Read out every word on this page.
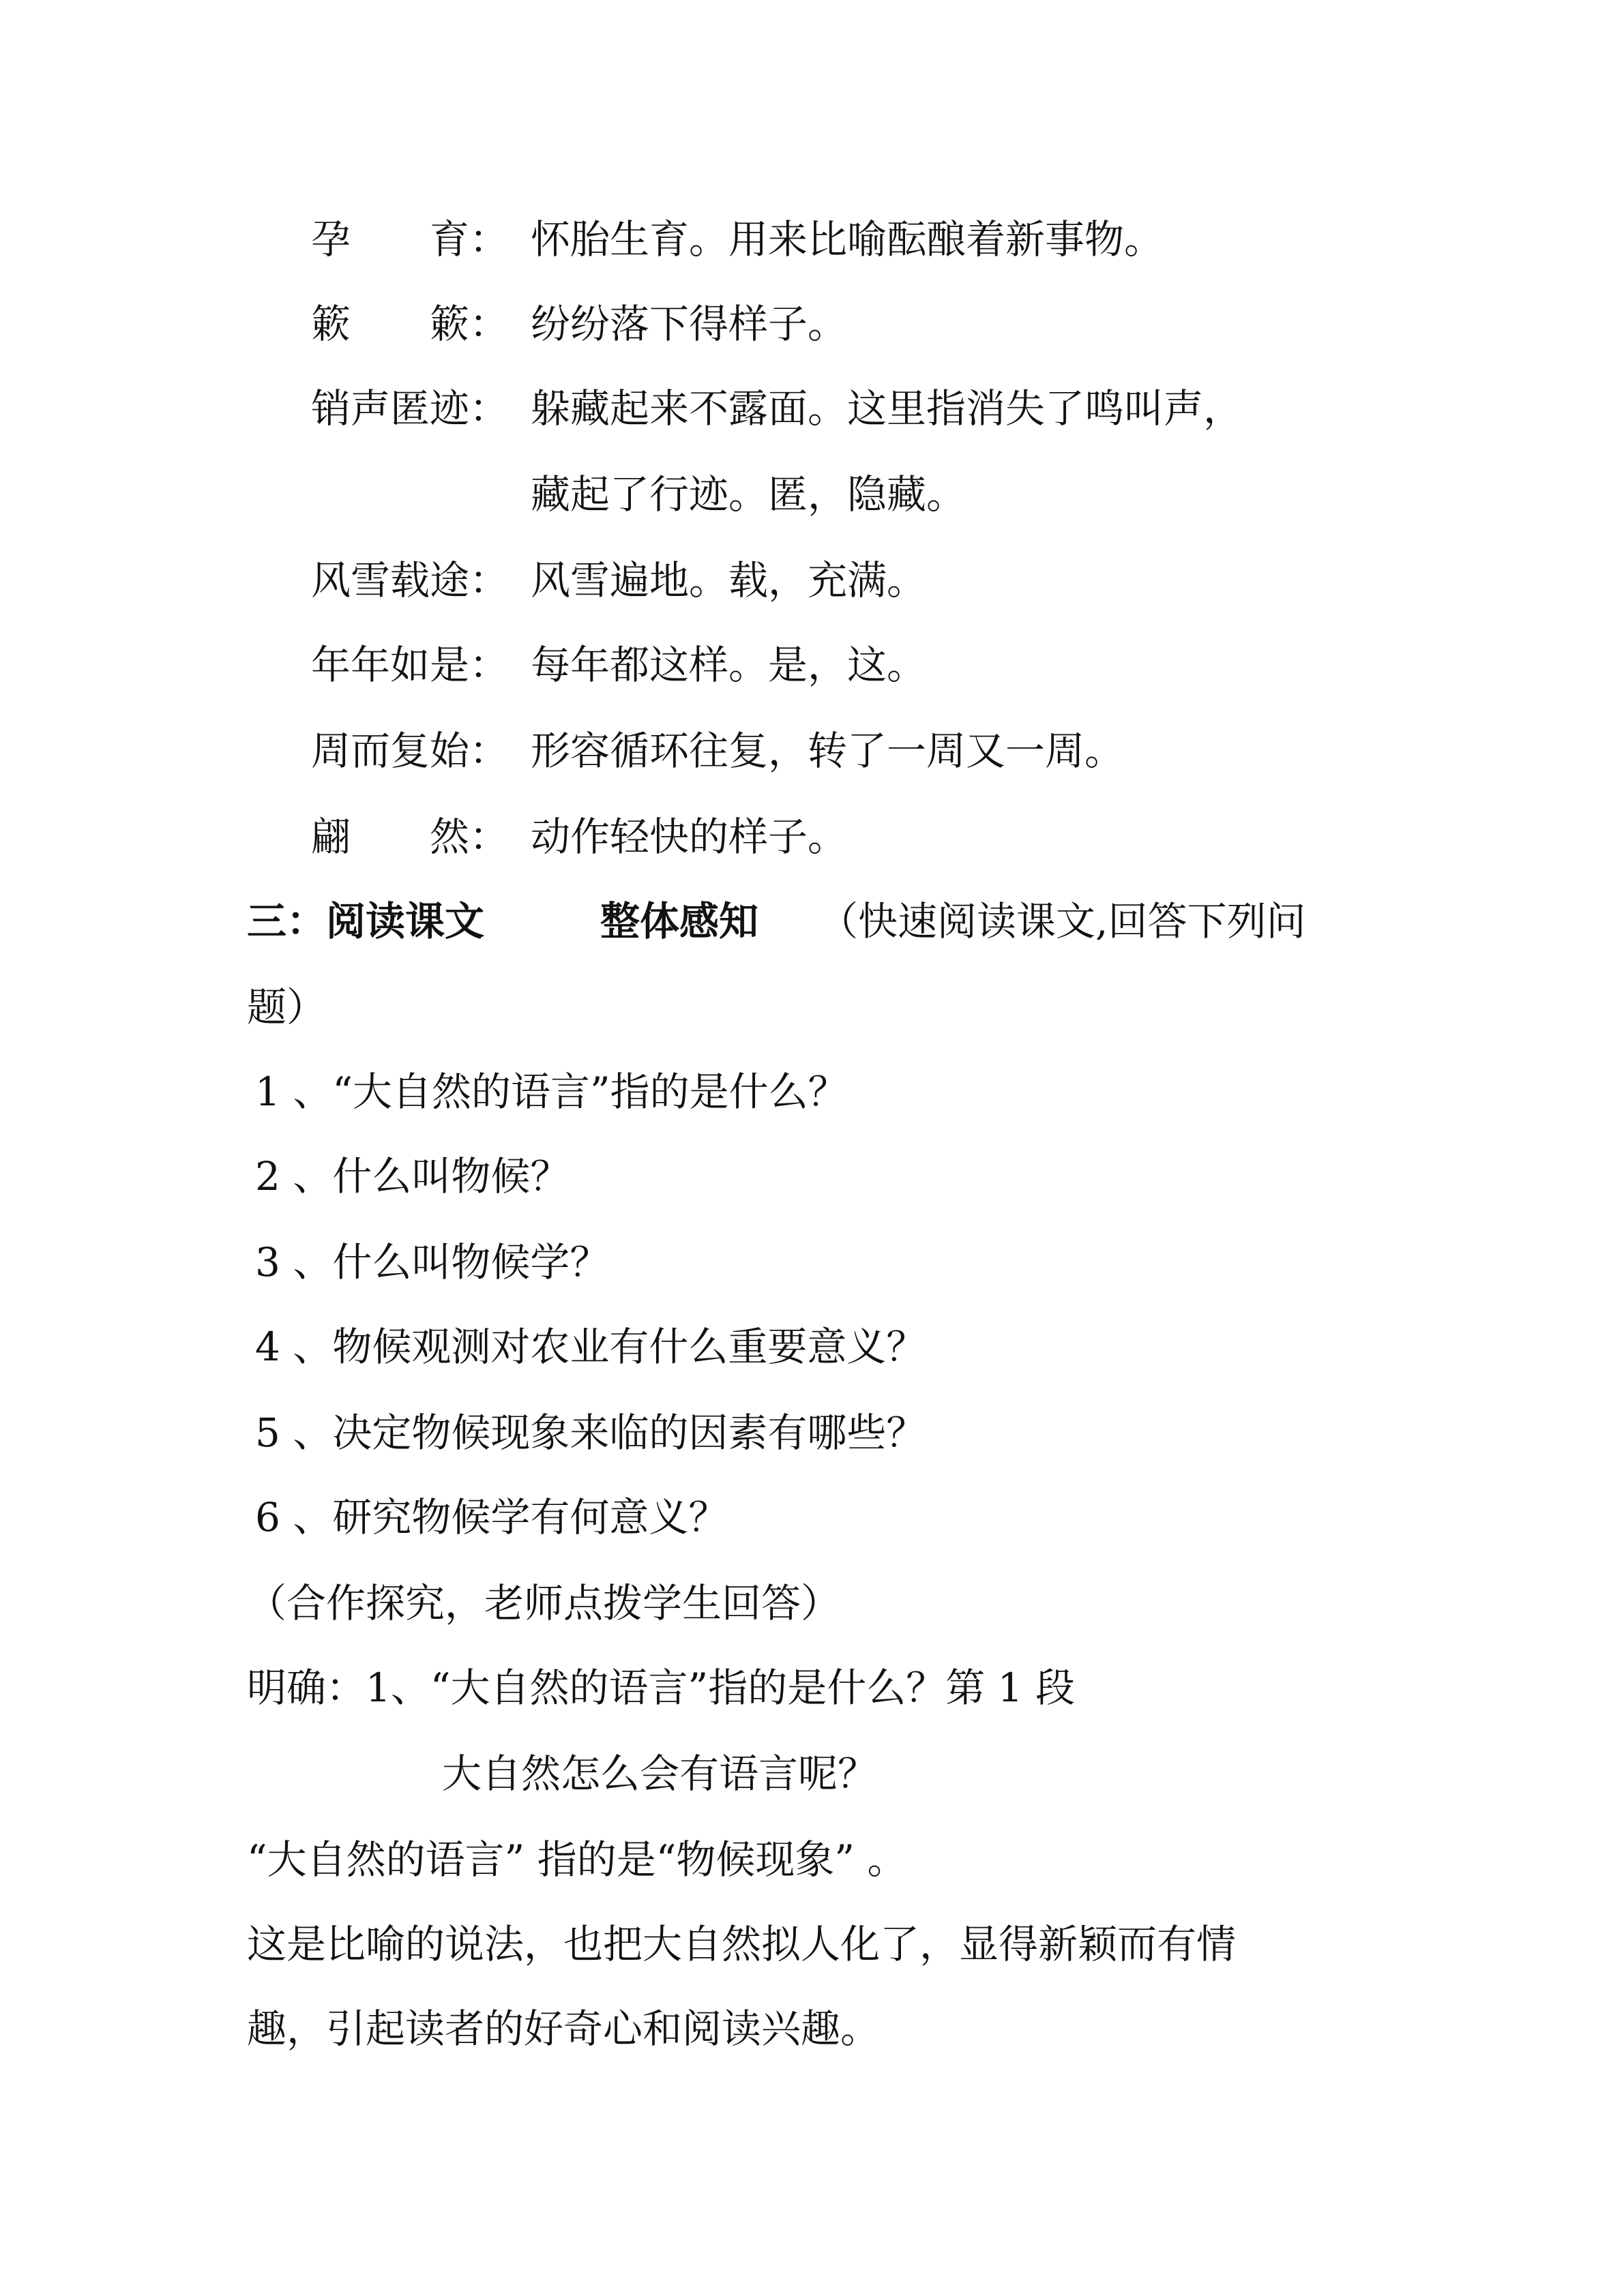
孕　　育： 怀胎生育。用来比喻酝酿着新事物。
簌　　簌： 纷纷落下得样子。
销声匿迹： 躲藏起来不露面。这里指消失了鸣叫声，
藏起了行迹。匿，隐藏。
风雪载途： 风雪遍地。载，充满。
年年如是： 每年都这样。是，这。
周而复始： 形容循环往复，转了一周又一周。
翩　　然： 动作轻快的样子。
三：阅读课文	整体感知 （快速阅读课文,回答下列问
题）
1 、“大自然的语言”指的是什么？
2 、什么叫物候？
3 、什么叫物候学？
4 、物候观测对农业有什么重要意义？
5 、决定物候现象来临的因素有哪些？
6 、研究物候学有何意义？
（合作探究，老师点拨学生回答）
明确：1、“大自然的语言”指的是什么？第 1 段
大自然怎么会有语言呢？
“大自然的语言” 指的是“物候现象” 。
这是比喻的说法，也把大自然拟人化了，显得新颖而有情
趣，引起读者的好奇心和阅读兴趣。
